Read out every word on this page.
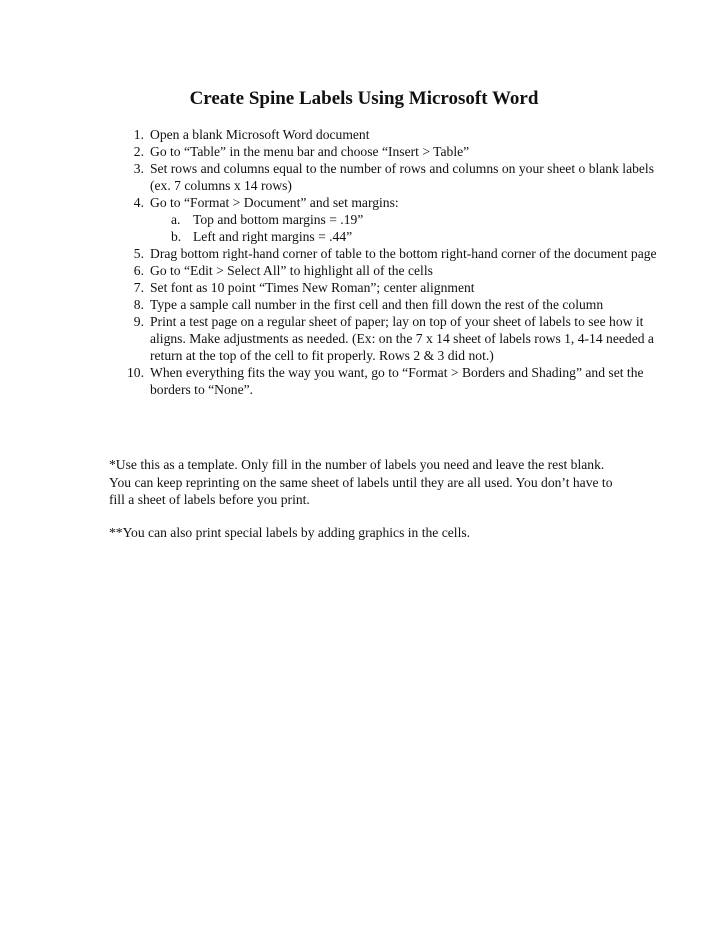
Create Spine Labels Using Microsoft Word
1. Open a blank Microsoft Word document
2. Go to “Table” in the menu bar and choose “Insert > Table”
3. Set rows and columns equal to the number of rows and columns on your sheet o blank labels (ex. 7 columns x 14 rows)
4. Go to “Format > Document” and set margins:
a. Top and bottom margins = .19”
b. Left and right margins = .44”
5. Drag bottom right-hand corner of table to the bottom right-hand corner of the document page
6. Go to “Edit > Select All” to highlight all of the cells
7. Set font as 10 point “Times New Roman”; center alignment
8. Type a sample call number in the first cell and then fill down the rest of the column
9. Print a test page on a regular sheet of paper; lay on top of your sheet of labels to see how it aligns. Make adjustments as needed. (Ex: on the 7 x 14 sheet of labels rows 1, 4-14 needed a return at the top of the cell to fit properly. Rows 2 & 3 did not.)
10. When everything fits the way you want, go to “Format > Borders and Shading” and set the borders to “None”.

*Use this as a template. Only fill in the number of labels you need and leave the rest blank. You can keep reprinting on the same sheet of labels until they are all used. You don’t have to fill a sheet of labels before you print.

**You can also print special labels by adding graphics in the cells.
